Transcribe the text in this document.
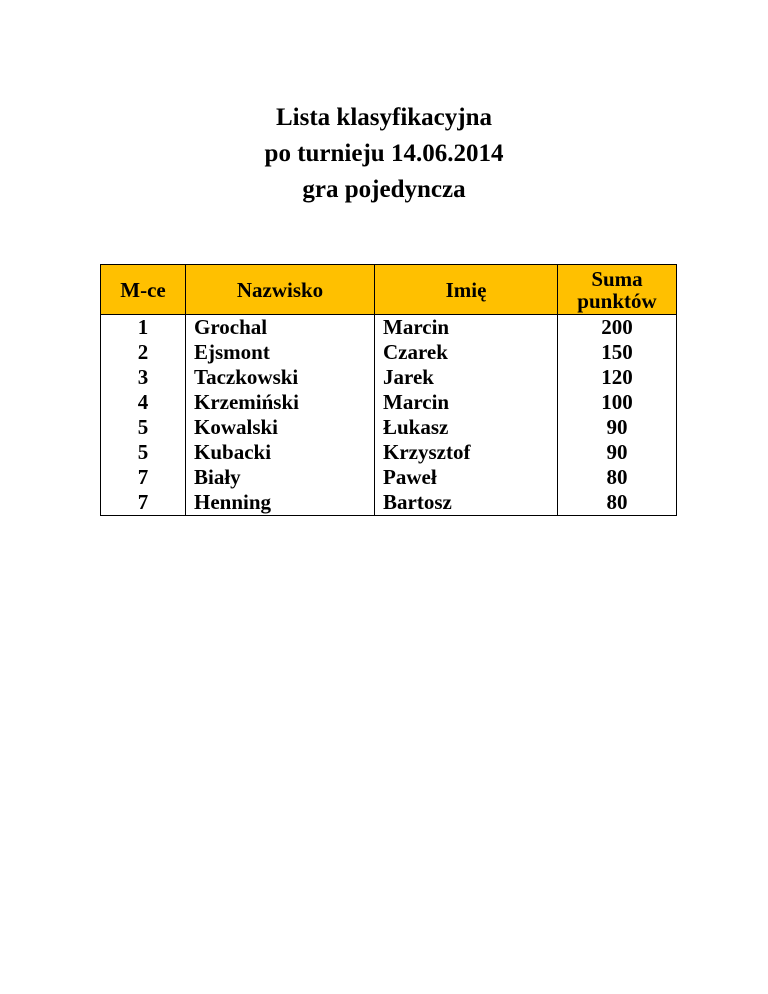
Lista klasyfikacyjna
po turnieju 14.06.2014
gra pojedyncza
M-ce	Nazwisko	Imię	Suma
punktów
1	Grochal	Marcin	200
2	Ejsmont	Czarek	150
3	Taczkowski	Jarek	120
4	Krzemiński	Marcin	100
5	Kowalski	Łukasz	90
5	Kubacki	Krzysztof	90
7	Biały	Paweł	80
7	Henning	Bartosz	80
